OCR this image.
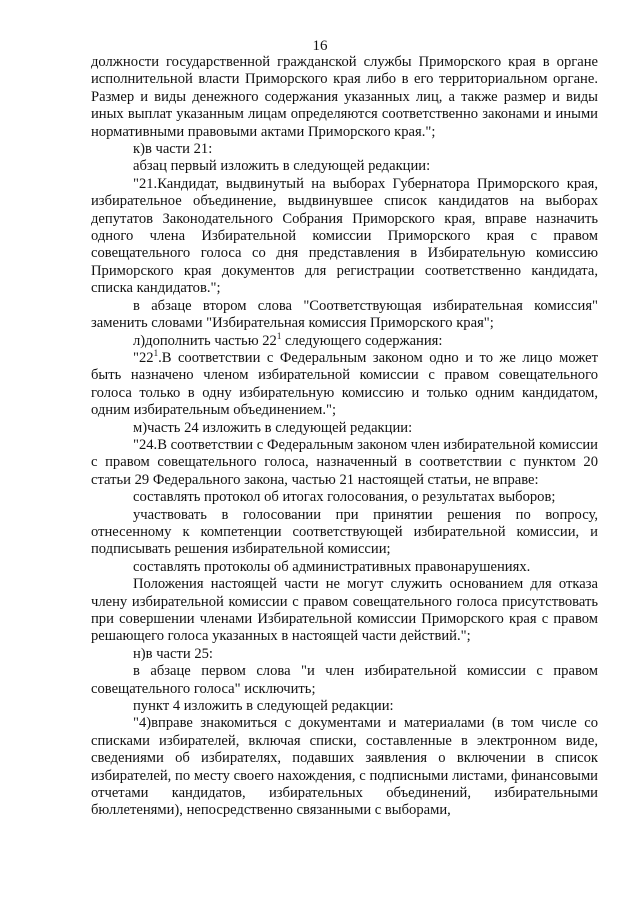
16

должности государственной гражданской службы Приморского края в органе исполнительной власти Приморского края либо в его территориальном органе. Размер и виды денежного содержания указанных лиц, а также размер и виды иных выплат указанным лицам определяются соответственно законами и иными нормативными правовыми актами Приморского края.";

к)в части 21:

абзац первый изложить в следующей редакции:

"21.Кандидат, выдвинутый на выборах Губернатора Приморского края, избирательное объединение, выдвинувшее список кандидатов на выборах депутатов Законодательного Собрания Приморского края, вправе назначить одного члена Избирательной комиссии Приморского края с правом совещательного голоса со дня представления в Избирательную комиссию Приморского края документов для регистрации соответственно кандидата, списка кандидатов.";

в абзаце втором слова "Соответствующая избирательная комиссия" заменить словами "Избирательная комиссия Приморского края";

л)дополнить частью $22^1$ следующего содержания:

"$22^1.В$ соответствии с Федеральным законом одно и то же лицо может быть назначено членом избирательной комиссии с правом совещательного голоса только в одну избирательную комиссию и только одним кандидатом, одним избирательным объединением.";

м)часть 24 изложить в следующей редакции:

"24.В соответствии с Федеральным законом член избирательной комиссии с правом совещательного голоса, назначенный в соответствии с пунктом 20 статьи 29 Федерального закона, частью 21 настоящей статьи, не вправе:

составлять протокол об итогах голосования, о результатах выборов;

участвовать в голосовании при принятии решения по вопросу, отнесенному к компетенции соответствующей избирательной комиссии, и подписывать решения избирательной комиссии;

составлять протоколы об административных правонарушениях.

Положения настоящей части не могут служить основанием для отказа члену избирательной комиссии с правом совещательного голоса присутствовать при совершении членами Избирательной комиссии Приморского края с правом решающего голоса указанных в настоящей части действий.";

н)в части 25:

в абзаце первом слова "и член избирательной комиссии с правом совещательного голоса" исключить;

пункт 4 изложить в следующей редакции:

"4)вправе знакомиться с документами и материалами (в том числе со списками избирателей, включая списки, составленные в электронном виде, сведениями об избирателях, подавших заявления о включении в список избирателей, по месту своего нахождения, с подписными листами, финансовыми отчетами кандидатов, избирательных объединений, избирательными бюллетенями), непосредственно связанными с выборами,
